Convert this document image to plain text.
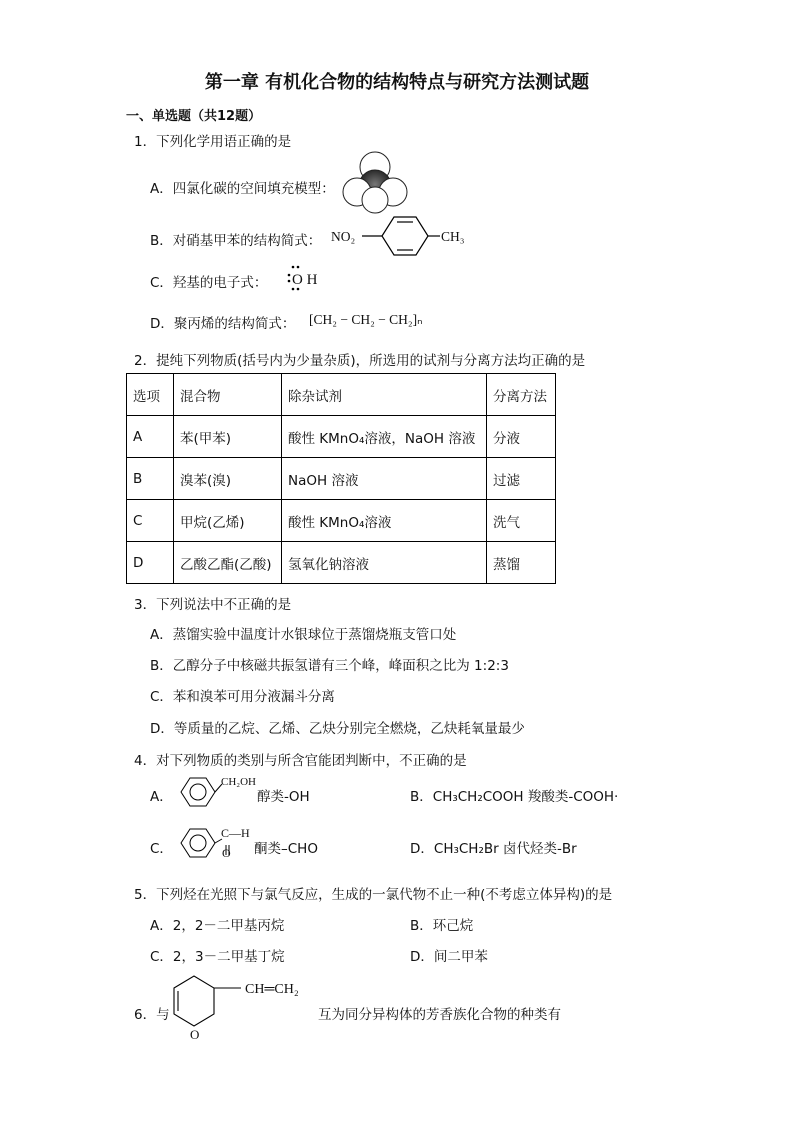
第一章 有机化合物的结构特点与研究方法测试题
一、单选题（共12题）
1．下列化学用语正确的是
A．四氯化碳的空间填充模型：
B．对硝基甲苯的结构简式： NO₂	CH₃
C．羟基的电子式： O H
D．聚丙烯的结构简式： [CH₂ − CH₂ − CH₂]ₙ
2．提纯下列物质(括号内为少量杂质)，所选用的试剂与分离方法均正确的是
选项	混合物	除杂试剂	分离方法
A	苯(甲苯)	酸性 KMnO₄溶液，NaOH 溶液	分液
B	溴苯(溴)	NaOH 溶液	过滤
C	甲烷(乙烯)	酸性 KMnO₄溶液	洗气
D	乙酸乙酯(乙酸)	氢氧化钠溶液	蒸馏
3．下列说法中不正确的是
A．蒸馏实验中温度计水银球位于蒸馏烧瓶支管口处
B．乙醇分子中核磁共振氢谱有三个峰，峰面积之比为 1:2:3
C．苯和溴苯可用分液漏斗分离
D．等质量的乙烷、乙烯、乙炔分别完全燃烧，乙炔耗氧量最少
4．对下列物质的类别与所含官能团判断中，不正确的是
A．
CH₂OH
醇类-OH	B．CH₃CH₂COOH 羧酸类-COOH·
C．
C—H
O 酮类–CHO	D．CH₃CH₂Br 卤代烃类-Br
5．下列烃在光照下与氯气反应，生成的一氯代物不止一种(不考虑立体异构)的是
A．2，2－二甲基丙烷	B．环己烷
C．2，3－二甲基丁烷	D．间二甲苯
6．与
O
CH═CH₂
互为同分异构体的芳香族化合物的种类有
